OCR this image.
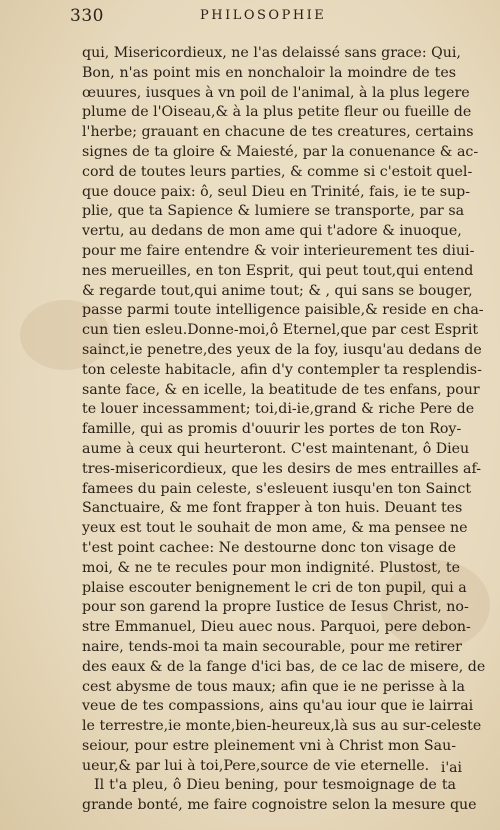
330	PHILOSOPHIE
qui, Misericordieux, ne l'as delaissé sans grace: Qui,
Bon, n'as point mis en nonchaloir la moindre de tes
œuures, iusques à vn poil de l'animal, à la plus legere
plume de l'Oiseau,& à la plus petite fleur ou fueille de
l'herbe; grauant en chacune de tes creatures, certains
signes de ta gloire & Maiesté, par la conuenance & ac-
cord de toutes leurs parties, & comme si c'estoit quel-
que douce paix: ô, seul Dieu en Trinité, fais, ie te sup-
plie, que ta Sapience & lumiere se transporte, par sa
vertu, au dedans de mon ame qui t'adore & inuoque,
pour me faire entendre & voir interieurement tes diui-
nes merueilles, en ton Esprit, qui peut tout,qui entend
& regarde tout,qui anime tout; & , qui sans se bouger,
passe parmi toute intelligence paisible,& reside en cha-
cun tien esleu.Donne-moi,ô Eternel,que par cest Esprit
sainct,ie penetre,des yeux de la foy, iusqu'au dedans de
ton celeste habitacle, afin d'y contempler ta resplendis-
sante face, & en icelle, la beatitude de tes enfans, pour
te louer incessamment; toi,di-ie,grand & riche Pere de
famille, qui as promis d'ouurir les portes de ton Roy-
aume à ceux qui heurteront. C'est maintenant, ô Dieu
tres-misericordieux, que les desirs de mes entrailles af-
famees du pain celeste, s'esleuent iusqu'en ton Sainct
Sanctuaire, & me font frapper à ton huis. Deuant tes
yeux est tout le souhait de mon ame, & ma pensee ne
t'est point cachee: Ne destourne donc ton visage de
moi, & ne te recules pour mon indignité. Plustost, te
plaise escouter benignement le cri de ton pupil, qui a
pour son garend la propre Iustice de Iesus Christ, no-
stre Emmanuel, Dieu auec nous. Parquoi, pere debon-
naire, tends-moi ta main secourable, pour me retirer
des eaux & de la fange d'ici bas, de ce lac de misere, de
cest abysme de tous maux; afin que ie ne perisse à la
veue de tes compassions, ains qu'au iour que ie lairrai
le terrestre,ie monte,bien-heureux,là sus au sur-celeste
seiour, pour estre pleinement vni à Christ mon Sau-
ueur,& par lui à toi,Pere,source de vie eternelle.
Il t'a pleu, ô Dieu bening, pour tesmoignage de ta
grande bonté, me faire cognoistre selon la mesure que
i'ai
